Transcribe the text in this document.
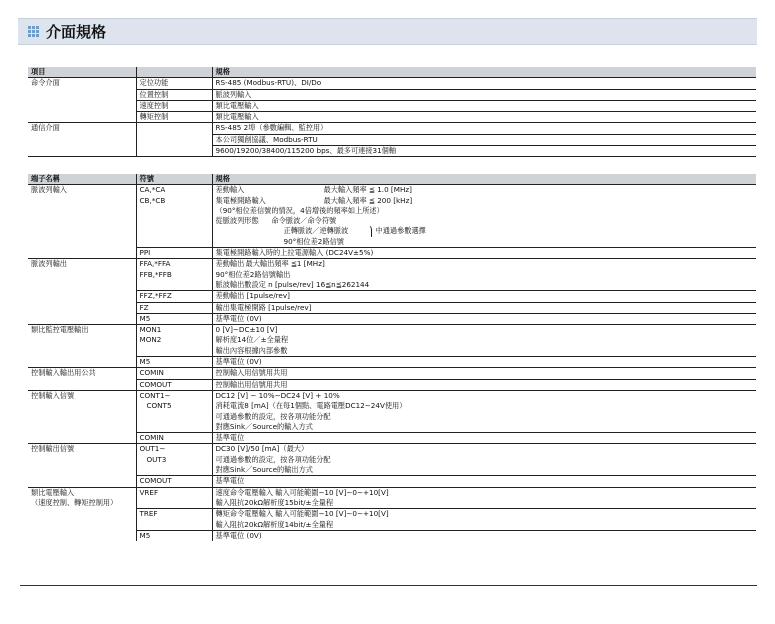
介面規格
項目		規格
命令介面	定位功能	RS-485 (Modbus-RTU)、DI/Do
	位置控制	脈波列輸入
	速度控制	類比電壓輸入
	轉矩控制	類比電壓輸入
通信介面		RS-485 2埠（參數編輯、監控用）
		本公司獨創協議、Modbus-RTU
		9600/19200/38400/115200 bps、最多可連接31個軸
端子名稱	符號	規格
脈波列輸入	CA,*CA	差動輸入 最大輸入頻率 ≦ 1.0 [MHz]
	CB,*CB	集電極開路輸入 最大輸入頻率 ≦ 200 [kHz]
		（90°相位差信號的情況，4倍增後的頻率如上所述）
		從脈波列形態 命令脈波／命令符號

		正轉脈波／逆轉脈波 中通過參數選擇

		90°相位差2路信號
	PPI	集電極開路輸入時的上拉電源輸入 (DC24V±5%)
脈波列輸出	FFA,*FFA	差動輸出最大輸出頻率 ≦1 [MHz]
	FFB,*FFB	90°相位差2路信號輸出
		脈波輸出數設定 n [pulse/rev] 16≦n≦262144
	FFZ,*FFZ	差動輸出 [1pulse/rev]
	FZ	輸出集電極開路 [1pulse/rev]
	M5	基準電位 (0V)
類比監控電壓輸出	MON1	0 [V]∼DC±10 [V]
	MON2	解析度14位／±全量程
		輸出內容根據內部參數
	M5	基準電位 (0V)
控制輸入輸出用公共	COMIN	控制輸入用信號用共用
	COMOUT	控制輸出用信號用共用
控制輸入信號	CONT1∼	DC12 [V] − 10%∼DC24 [V] + 10%
	CONT5	消耗電流8 [mA]（在每1個點、電路電壓DC12∼24V使用）
		可通過參數的設定，按各項功能分配
		對應Sink／Source的輸入方式
	COMIN	基準電位
控制輸出信號	OUT1∼	DC30 [V]/50 [mA]（最大）
	OUT3	可通過參數的設定，按各項功能分配
		對應Sink／Source的輸出方式
	COMOUT	基準電位
類比電壓輸入	VREF	速度命令電壓輸入 輸入可能範圍−10 [V]∼0∼+10[V]
（速度控制、轉矩控制用）		輸入阻抗20kΩ解析度15bit/±全量程
	TREF	轉矩命令電壓輸入 輸入可能範圍−10 [V]∼0∼+10[V]
		輸入阻抗20kΩ解析度14bit/±全量程
	M5	基準電位 (0V)
